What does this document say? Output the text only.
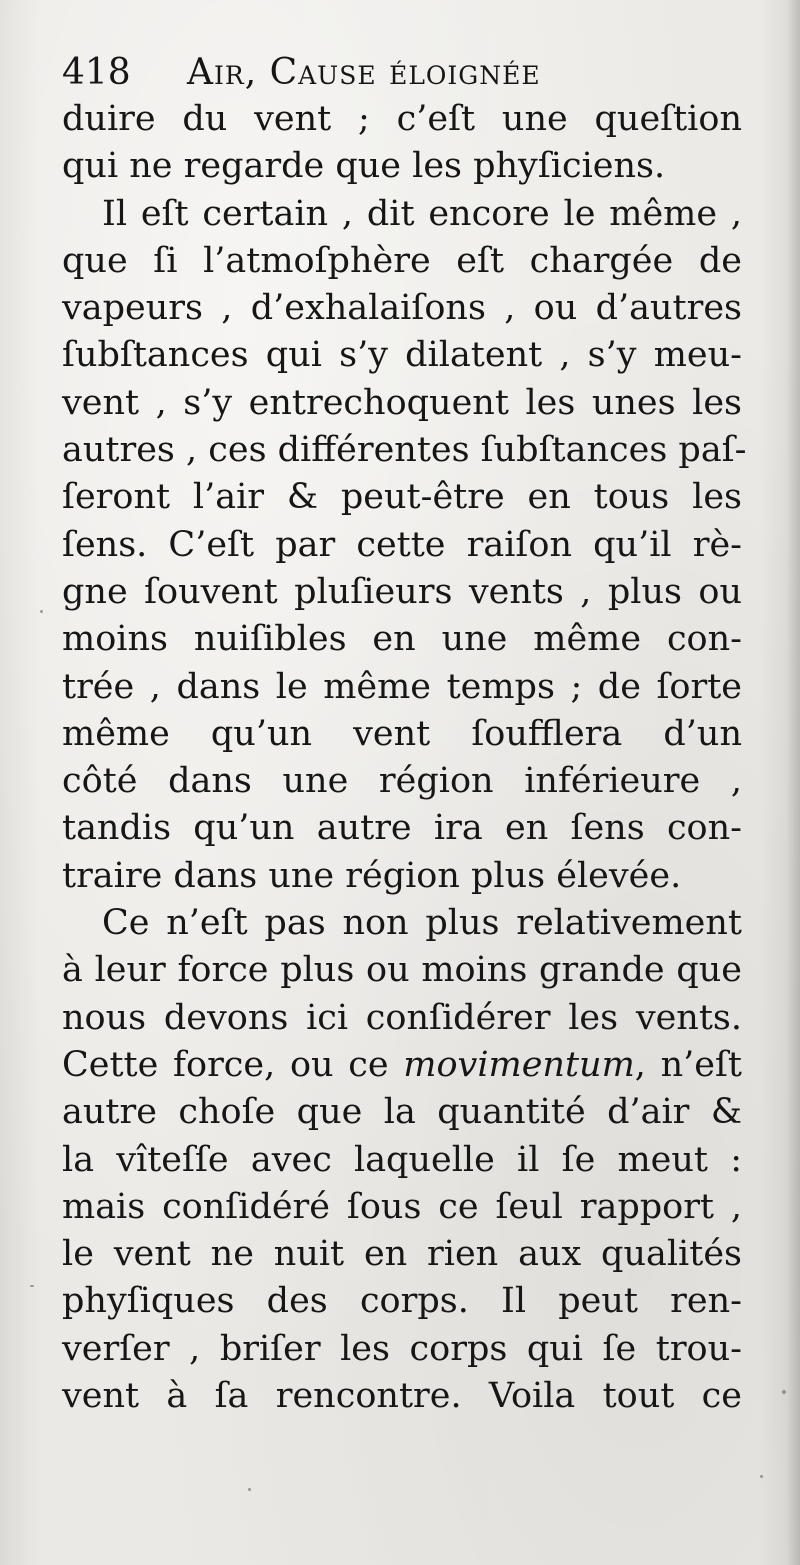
418 Air, Cause éloignée
duire du vent ; c’eſt une queſtion
qui ne regarde que les phyſiciens.
Il eſt certain , dit encore le même ,
que ſi l’atmoſphère eſt chargée de
vapeurs , d’exhalaiſons , ou d’autres
ſubſtances qui s’y dilatent , s’y meu-
vent , s’y entrechoquent les unes les
autres , ces différentes ſubſtances paſ-
ſeront l’air & peut-être en tous les
ſens. C’eſt par cette raiſon qu’il rè-
gne ſouvent pluſieurs vents , plus ou
moins nuiſibles en une même con-
trée , dans le même temps ; de ſorte
même qu’un vent ſoufflera d’un
côté dans une région inférieure ,
tandis qu’un autre ira en ſens con-
traire dans une région plus élevée.
Ce n’eſt pas non plus relativement
à leur force plus ou moins grande que
nous devons ici conſidérer les vents.
Cette force, ou ce movimentum, n’eſt
autre choſe que la quantité d’air &
la vîteſſe avec laquelle il ſe meut :
mais conſidéré ſous ce ſeul rapport ,
le vent ne nuit en rien aux qualités
phyſiques des corps. Il peut ren-
verſer , briſer les corps qui ſe trou-
vent à ſa rencontre. Voila tout ce
